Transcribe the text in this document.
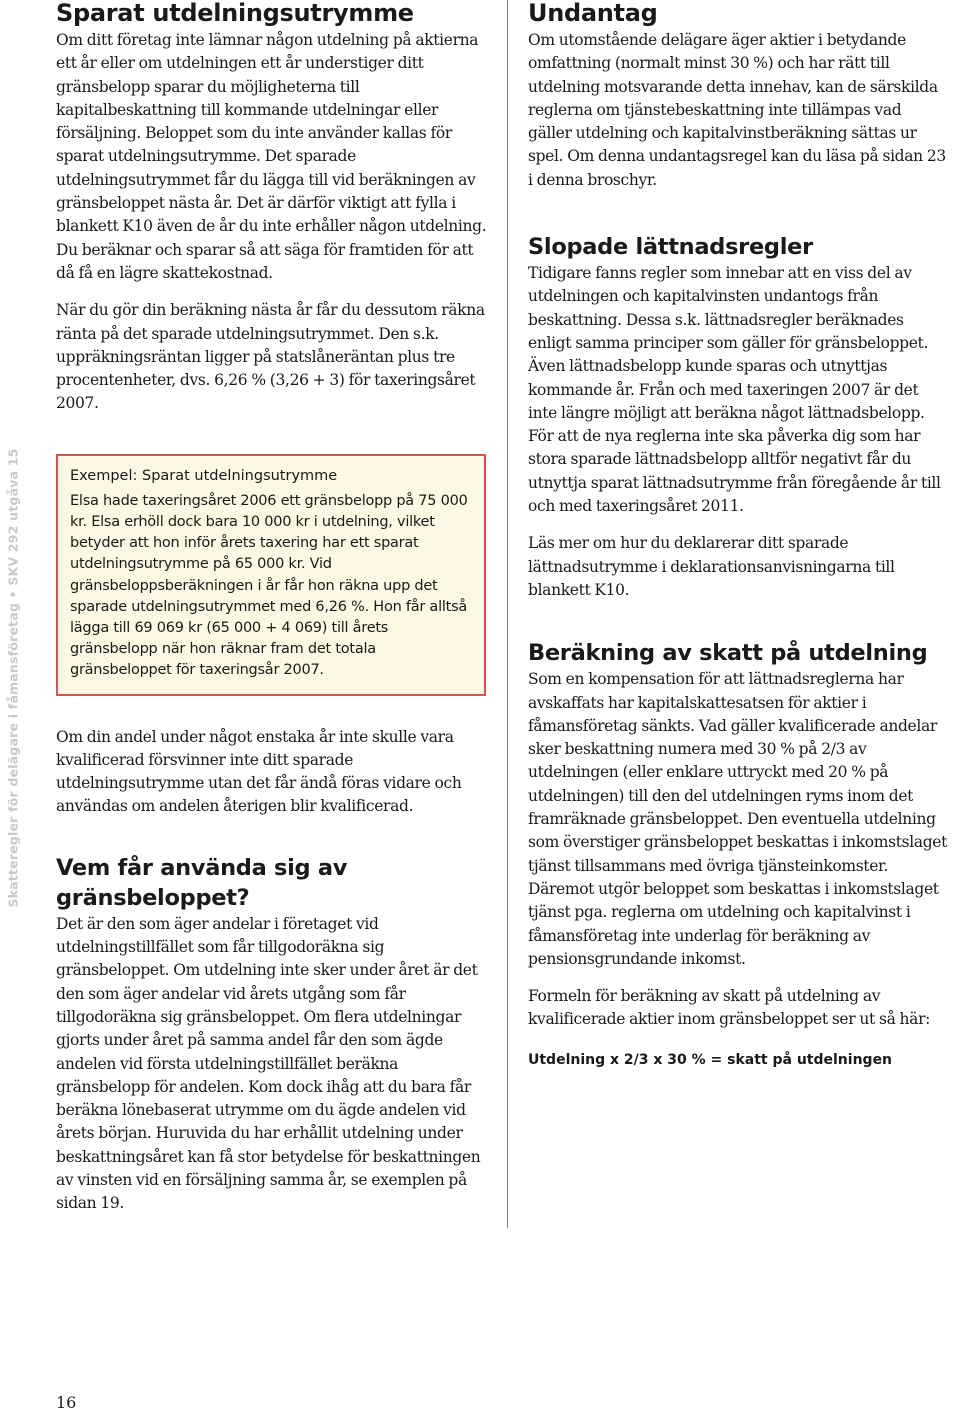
Skatteregler för delägare i fåmansföretag • SKV 292 utgåva 15
Sparat utdelningsutrymme

Om ditt företag inte lämnar någon utdelning på aktierna ett år eller om utdelningen ett år understiger ditt gränsbelopp sparar du möjligheterna till kapitalbeskattning till kommande utdelningar eller försäljning. Beloppet som du inte använder kallas för sparat utdelningsutrymme. Det sparade utdelningsutrymmet får du lägga till vid beräkningen av gränsbeloppet nästa år. Det är därför viktigt att fylla i blankett K10 även de år du inte erhåller någon utdelning. Du beräknar och sparar så att säga för framtiden för att då få en lägre skattekostnad.

När du gör din beräkning nästa år får du dessutom räkna ränta på det sparade utdelningsutrymmet. Den s.k. uppräkningsräntan ligger på statslåneräntan plus tre procentenheter, dvs. 6,26 % (3,26 + 3) för taxeringsåret 2007.

Exempel: Sparat utdelningsutrymme
Elsa hade taxeringsåret 2006 ett gränsbelopp på 75 000 kr. Elsa erhöll dock bara 10 000 kr i utdelning, vilket betyder att hon inför årets taxering har ett sparat utdelningsutrymme på 65 000 kr. Vid gränsbeloppsberäkningen i år får hon räkna upp det sparade utdelningsutrymmet med 6,26 %. Hon får alltså lägga till 69 069 kr (65 000 + 4 069) till årets gränsbelopp när hon räknar fram det totala gränsbeloppet för taxeringsår 2007.

Om din andel under något enstaka år inte skulle vara kvalificerad försvinner inte ditt sparade utdelningsutrymme utan det får ändå föras vidare och användas om andelen återigen blir kvalificerad.

Vem får använda sig av gränsbeloppet?

Det är den som äger andelar i företaget vid utdelningstillfället som får tillgodoräkna sig gränsbeloppet. Om utdelning inte sker under året är det den som äger andelar vid årets utgång som får tillgodoräkna sig gränsbeloppet. Om flera utdelningar gjorts under året på samma andel får den som ägde andelen vid första utdelningstillfället beräkna gränsbelopp för andelen. Kom dock ihåg att du bara får beräkna lönebaserat utrymme om du ägde andelen vid årets början. Huruvida du har erhållit utdelning under beskattningsåret kan få stor betydelse för beskattningen av vinsten vid en försäljning samma år, se exemplen på sidan 19.

Undantag

Om utomstående delägare äger aktier i betydande omfattning (normalt minst 30 %) och har rätt till utdelning motsvarande detta innehav, kan de särskilda reglerna om tjänstebeskattning inte tillämpas vad gäller utdelning och kapitalvinstberäkning sättas ur spel. Om denna undantagsregel kan du läsa på sidan 23 i denna broschyr.

Slopade lättnadsregler

Tidigare fanns regler som innebar att en viss del av utdelningen och kapitalvinsten undantogs från beskattning. Dessa s.k. lättnadsregler beräknades enligt samma principer som gäller för gränsbeloppet. Även lättnadsbelopp kunde sparas och utnyttjas kommande år. Från och med taxeringen 2007 är det inte längre möjligt att beräkna något lättnadsbelopp. För att de nya reglerna inte ska påverka dig som har stora sparade lättnadsbelopp alltför negativt får du utnyttja sparat lättnadsutrymme från föregående år till och med taxeringsåret 2011.

Läs mer om hur du deklarerar ditt sparade lättnadsutrymme i deklarationsanvisningarna till blankett K10.

Beräkning av skatt på utdelning

Som en kompensation för att lättnadsreglerna har avskaffats har kapitalskattesatsen för aktier i fåmansföretag sänkts. Vad gäller kvalificerade andelar sker beskattning numera med 30 % på 2/3 av utdelningen (eller enklare uttryckt med 20 % på utdelningen) till den del utdelningen ryms inom det framräknade gränsbeloppet. Den eventuella utdelning som överstiger gränsbeloppet beskattas i inkomstslaget tjänst tillsammans med övriga tjänsteinkomster. Däremot utgör beloppet som beskattas i inkomstslaget tjänst pga. reglerna om utdelning och kapitalvinst i fåmansföretag inte underlag för beräkning av pensionsgrundande inkomst.

Formeln för beräkning av skatt på utdelning av kvalificerade aktier inom gränsbeloppet ser ut så här:

Utdelning x 2/3 x 30 % = skatt på utdelningen
16
